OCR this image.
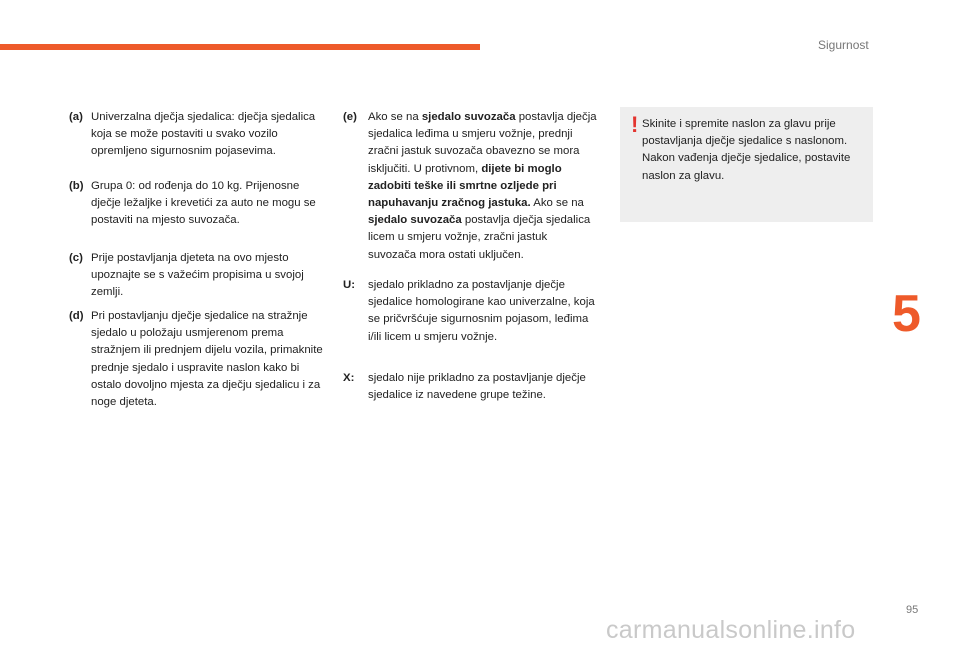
Sigurnost
5
(a) Univerzalna dječja sjedalica: dječja sjedalica koja se može postaviti u svako vozilo opremljeno sigurnosnim pojasevima.
(b) Grupa 0: od rođenja do 10 kg. Prijenosne dječje ležaljke i krevetići za auto ne mogu se postaviti na mjesto suvozača.
(c) Prije postavljanja djeteta na ovo mjesto upoznajte se s važećim propisima u svojoj zemlji.
(d) Pri postavljanju dječje sjedalice na stražnje sjedalo u položaju usmjerenom prema stražnjem ili prednjem dijelu vozila, primaknite prednje sjedalo i uspravite naslon kako bi ostalo dovoljno mjesta za dječju sjedalicu i za noge djeteta.
(e) Ako se na sjedalo suvozača postavlja dječja sjedalica leđima u smjeru vožnje, prednji zračni jastuk suvozača obavezno se mora isključiti. U protivnom, dijete bi moglo zadobiti teške ili smrtne ozljede pri napuhavanju zračnog jastuka. Ako se na sjedalo suvozača postavlja dječja sjedalica licem u smjeru vožnje, zračni jastuk suvozača mora ostati uključen.
U: sjedalo prikladno za postavljanje dječje sjedalice homologirane kao univerzalne, koja se pričvršćuje sigurnosnim pojasom, leđima i/ili licem u smjeru vožnje.
X: sjedalo nije prikladno za postavljanje dječje sjedalice iz navedene grupe težine.
! Skinite i spremite naslon za glavu prije postavljanja dječje sjedalice s naslonom. Nakon vađenja dječje sjedalice, postavite naslon za glavu.
95
carmanualsonline.info
